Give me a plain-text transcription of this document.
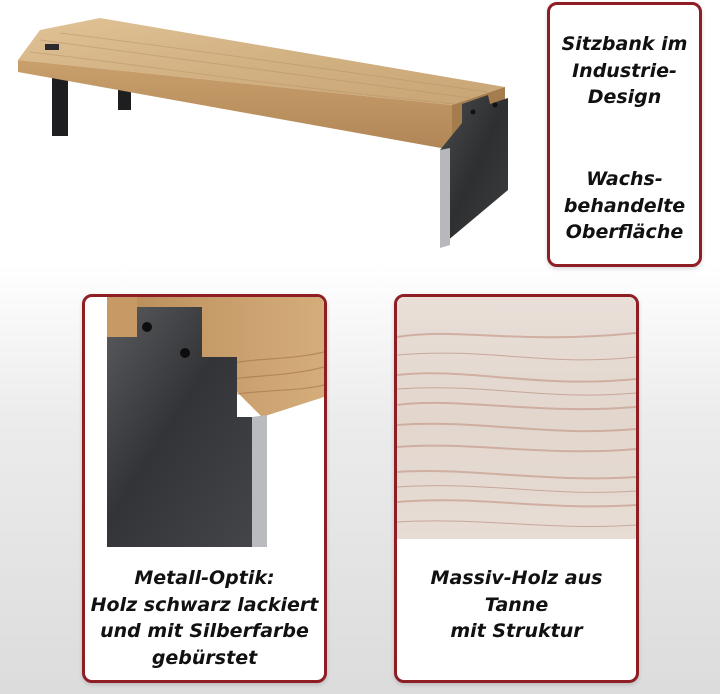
Sitzbank im
Industrie-
Design
Wachs-
behandelte
Oberfläche
Metall-Optik:
Holz schwarz lackiert
und mit Silberfarbe
gebürstet
Massiv-Holz aus Tanne
mit Struktur
